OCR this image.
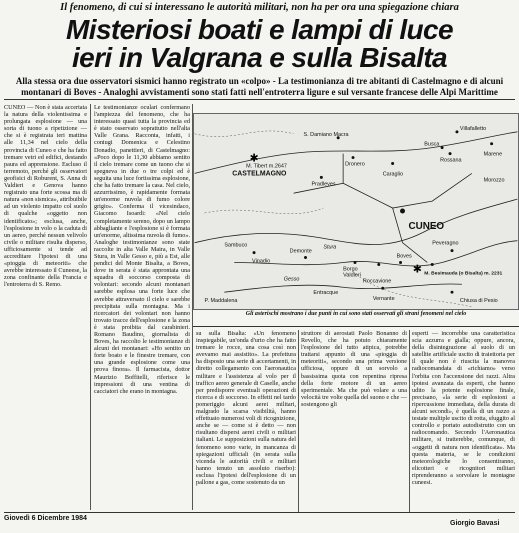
Il fenomeno, di cui si interessano le autorità militari, non ha per ora una spiegazione chiara
Misteriosi boati e lampi di luce
ieri in Valgrana e sulla Bisalta
Alla stessa ora due osservatori sismici hanno registrato un «colpo» - La testimonianza di tre abitanti di Castelmagno e di alcuni
montanari di Boves - Analoghi avvistamenti sono stati fatti nell'entroterra ligure e sul versante francese delle Alpi Marittime
CUNEO — Non è stata accertata la natura della violentissima e prolungata esplosione — una sorta di tuono a ripetizione — che si è registrata ieri mattina alle 11,34 nel cielo della provincia di Cuneo e che ha fatto tremare vetri ed edifici, destando paura ed apprensione. Escluso il terremoto, perché gli osservatori geofisici di Roburent, S. Anna di Valdieri e Genova hanno registrato una forte scossa ma di natura «non sismica», attribuibile ad un violento impatto col suolo di qualche «oggetto non identificato»; esclusa, anche, l'esplosione in volo o la caduta di un aereo, perché nessun velivolo civile o militare risulta disperso, ufficiosamente si tende ad accreditare l'ipotesi di una «pioggia di meteoriti» che avrebbe interessato il Cuneese, la zona confinante della Francia e l'entroterra di S. Remo.
Le testimonianze oculari confermano l'ampiezza del fenomeno, che ha interessato quasi tutta la provincia ed è stato osservato soprattutto nell'alta Valle Grana. Racconta, infatti, i coniugi Domenica e Celestino Donadio, panettieri, di Castelmagno: «Poco dopo le 11,30 abbiamo sentito il cielo tremare come un tuono che si spegneva in due o tre colpi ed è seguita una luce fortissima esplosione, che ha fatto tremare la casa. Nel cielo, azzurrissimo, è rapidamente formata un'enorme nuvola di fumo colore grigio». Conferma il vicesindaco, Giacomo Isoardi: «Nel cielo completamente sereno, dopo un lampo abbagliante e l'esplosione si è formata un'enorme, altissima nuvola di fumo». Analoghe testimonianze sono state raccolte in alta Valle Maira, in Valle Stura, in Valle Gesso e, più a Est, alle pendici del Monte Bisalta, a Boves, dove in serata è stata approntata una squadra di soccorso composta di volontari: secondo alcuni montanari sarebbe esplosa una forte luce che avrebbe attraversato il cielo e sarebbe precipitata sulla montagna. Ma i ricercatori dei volontari non hanno trovato tracce dell'esplosione e la zona è stata proibita dal carabinieri. Romano Baudino, giornalista di Boves, ha raccolto le testimonianze di alcuni dei montanari: «Ho sentito un forte boato e le finestre tremare, con una grande esplosione come una prova finora». Il farmacista, dottor Maurizio Boffitelli, riferisce le impressioni di una ventina di cacciatori che erano in montagna.
✱
✱
Villafalletto
Busca
Rossana
S. Damiano Macra
CASTELMAGNO
M. Tibert m.2647
Pradleves
Dronero
Caraglio
CUNEO
Sambuco
Vinadio
Demonte
Borgo
Boves
Peveragno
P. Maddalena
M. Besimauda (o Bisalta) m. 2231
Roccavione
Morozzo
Vernante
Stura
Entracque
Gesso
Chiusa di Pesio
Marene
Valdieri
Gli asterischi mostrano i due punti in cui sono stati osservati gli strani fenomeni nel cielo
su sulla Bisalta: «Un fenomeno inspiegabile, un'onda d'urto che ha fatto tremare le rocce, una cosa così non avevamo mai assistito». La prefettura ha disposto una serie di accertamenti, in diretto collegamento con l'aeronautica militare e l'assistenza al volo per il traffico aereo generale di Caselle, anche per predisporre eventuali operazioni di ricerca e di soccorso. In effetti nel tardo pomeriggio alcuni aerei militari, malgrado la scarsa visibilità, hanno effettuato numerosi voli di ricognizione, anche se — come si è detto — non risultano dispersi aerei civili o militari italiani. Le supposizioni sulla natura del fenomeno sono varie, in mancanza di spiegazioni ufficiali (in serata sulla vicenda le autorità civili e militari hanno tenuto un assoluto riserbo): esclusa l'ipotesi dell'esplosione di un pallone a gas, come sostenuto da un
struttore di aerostati Paolo Bonanno di Revello, che ha potuto chiaramente l'esplosione del tutto atipica, potrebbe trattarsi appunto di una «pioggia di meteoriti», secondo una prima versione ufficiosa, oppure di un sorvolo a bassissima quota con repentina ripresa della forte motore di un aereo sperimentale. Ma che può volare a una velocità tre volte quella del suono e che — sostengono gli
esperti — incorrebbe una caratteristica scia azzurra e gialla; oppure, ancora, della disintegrazione al suolo di un satellite artificiale uscito di traiettoria per il quale non è riuscita la manovra radiocomandata di «richiamo» verso l'orbita con l'accensione dei razzi. Altra ipotesi avanzata da esperti, che hanno udito la potente esplosione finale, precisano, «la serie di esplosioni a ripercussione immediata, della durata di alcuni secondi», è quella di un razzo a testate multiple uscito di rotta, sfuggito al controllo e portato autodistrutto con un radiocomando. Secondo l'Aeronautica militare, si tratterebbe, comunque, di «oggetti di natura non identificata». Ma questa materia, se le condizioni meteorologiche lo consentiranno, elicotteri e ricognitori militari riprenderanno a sorvolare le montagne cuneesi.
Giovedì 6 Dicembre 1984
Giorgio Bavasi
